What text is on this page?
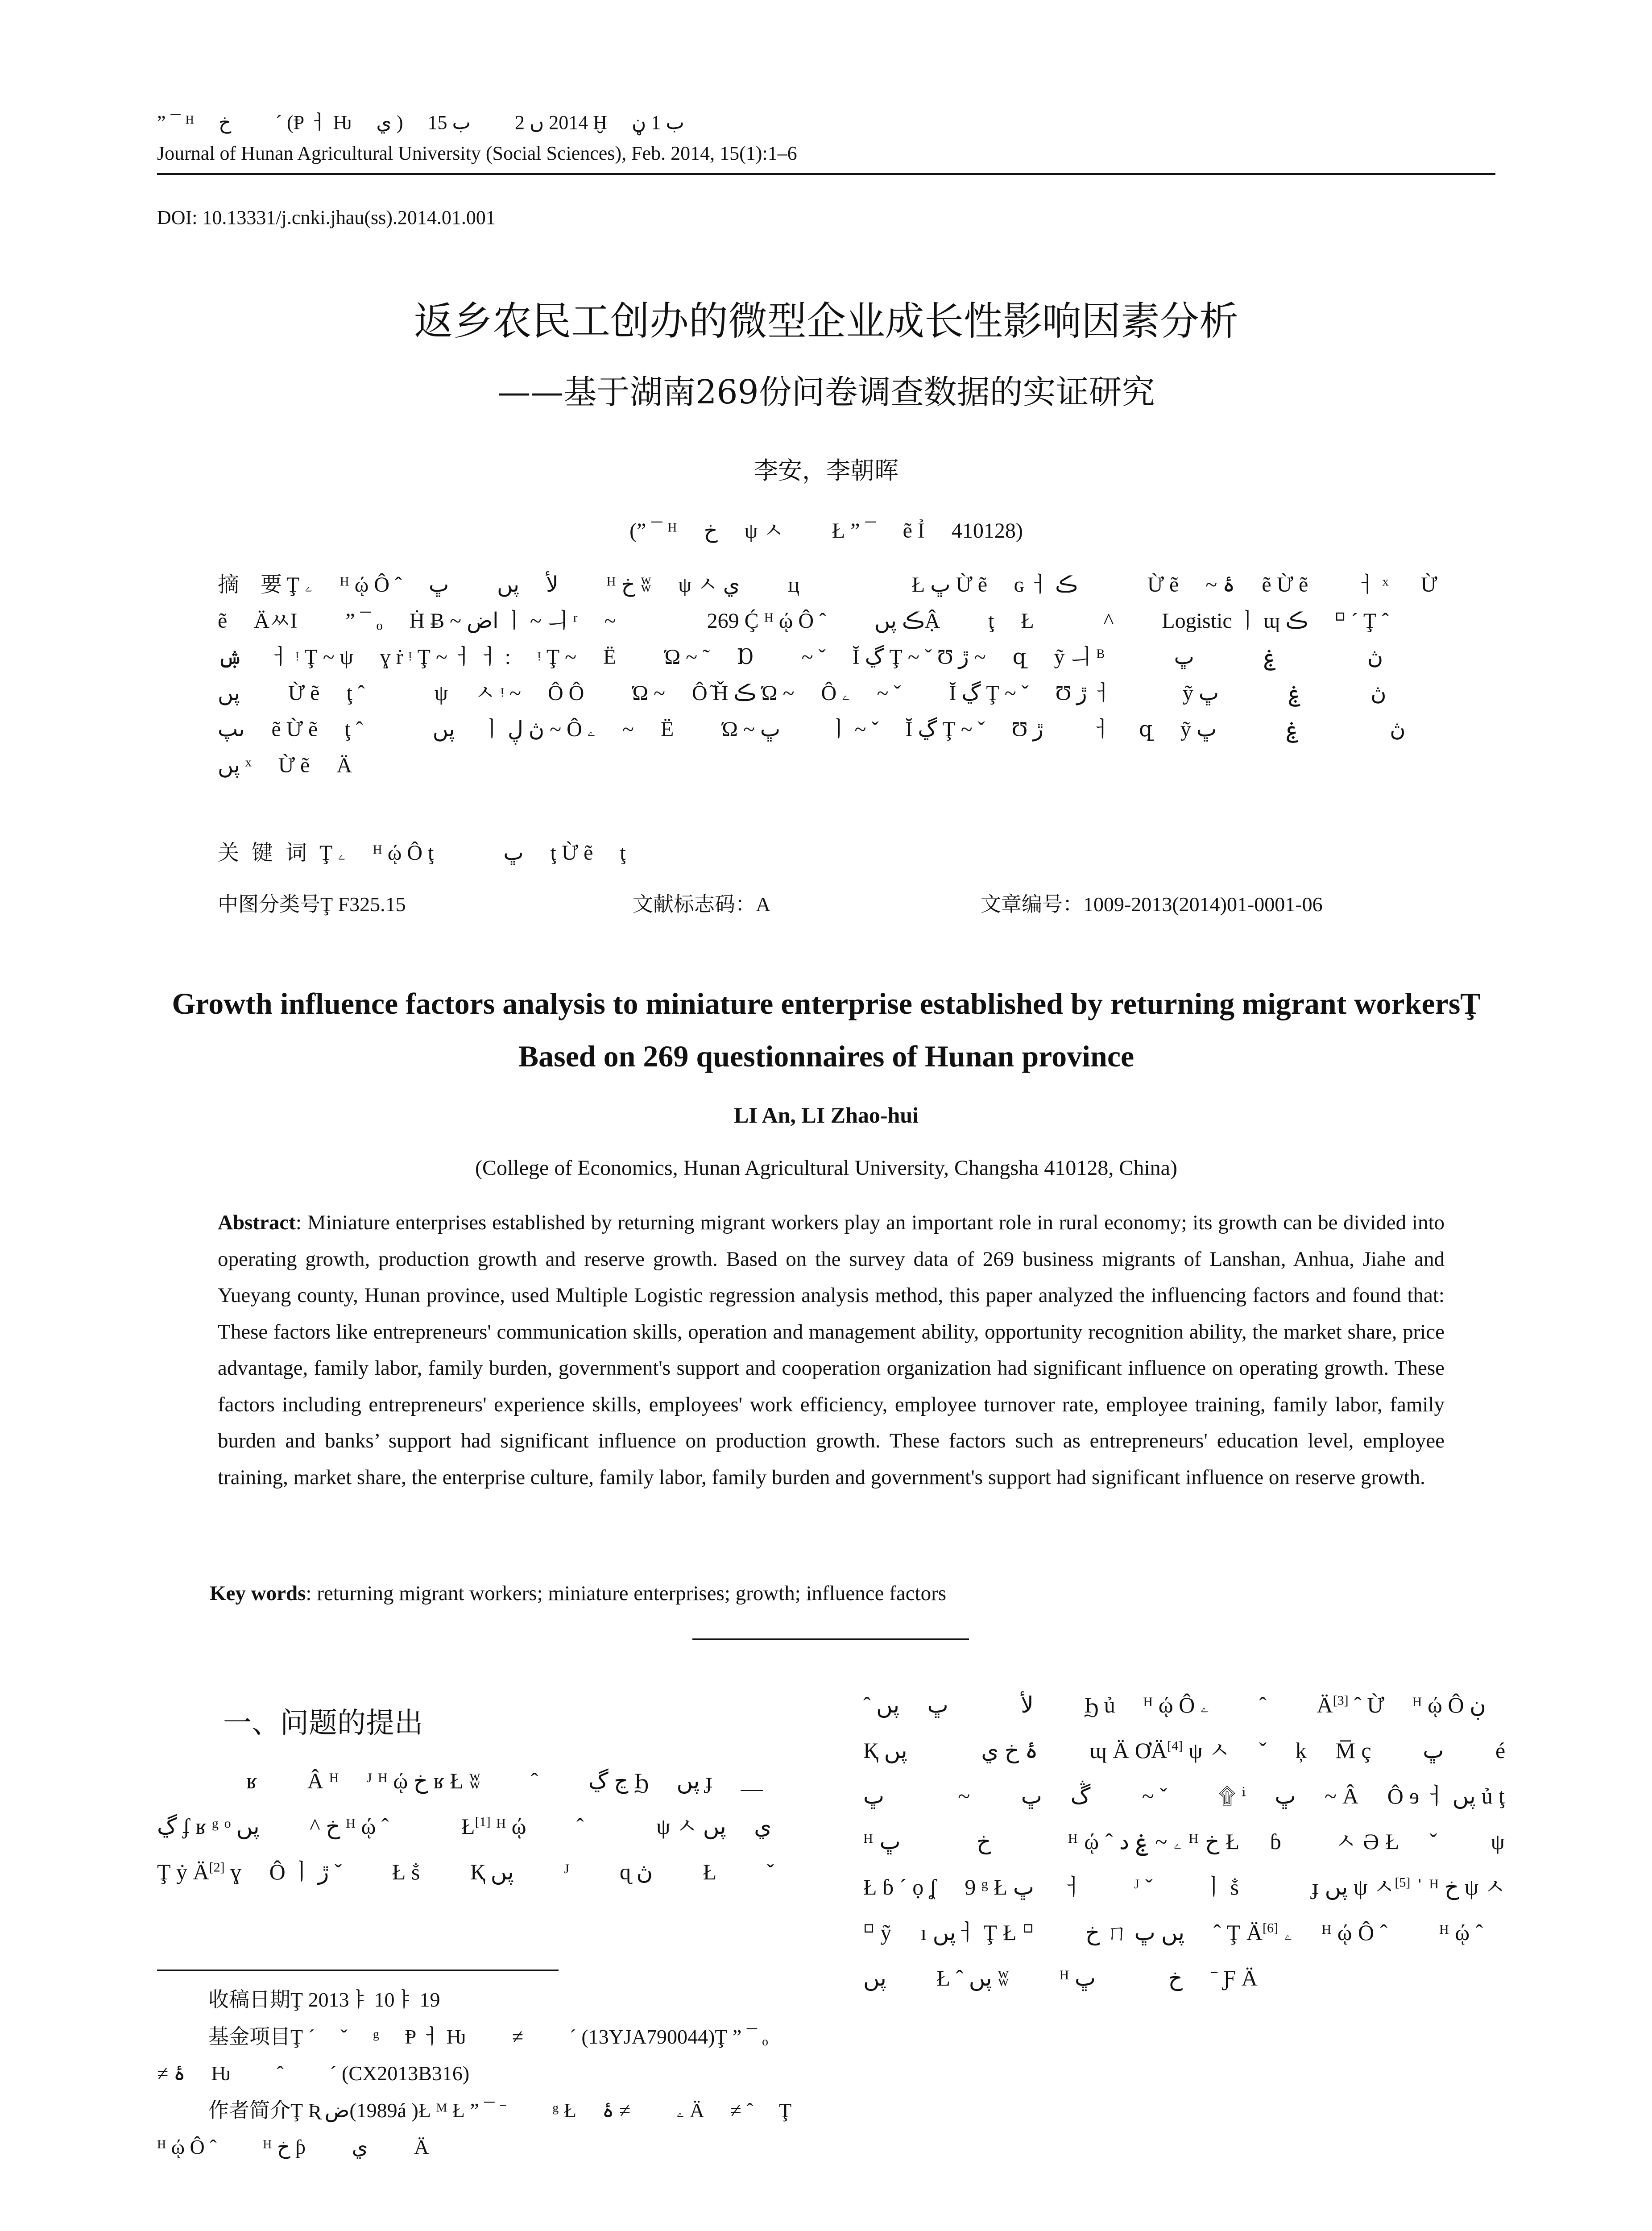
” ¯ ᴴ　 خ　　 ˊ (Ᵽ ㅓ Ƕ　 ي )　 2014 ں 2　　 ب 15 Ḫ　 ب 1 ڼ
Journal of Hunan Agricultural University (Social Sciences), Feb. 2014, 15(1):1–6
DOI: 10.13331/j.cnki.jhau(ss).2014.01.001
返乡农民工创办的微型企业成长性影响因素分析
——基于湖南269份问卷调查数据的实证研究
李安，李朝晖
(” ¯ ᴴ　 خ　 ψ ㅅ　　 Ł ” ¯　 ẽ Ỉ　 410128)
摘　要 Ţ ۦ　 ᴴ ῴ Ô ˆ　 لأ　 پں　　 ڀ　　 ᴴ خ ʬ　 ψ ㅅ ي　　 ц　　　　　 Ł ڀ Ừ ẽ　 ɢ ㅓ ڪ　　　 Ừ ẽ　 ~ ۂ　 ẽ Ừ ẽ　　 ㅓ ˣ 　 Ừ ẽ　 ÄㅆI　　 ” ¯ ₒ　 Ḣ Ƀ ~ اض ㅣ ~ ㅢ ʳ　 ~　　　　 269 Ḉ ᴴ ῴ Ô ˆ　　 ڪ پںẬ　　 ţ　 Ł　　　 ^　　 Logistic ㅣ ɰ ڪ　 ⸋ ˊ Ţ ˆ　　 ۺ　 ㅓ ᵎ Ţ ~ ψ　 ɣ ṙ ᵎ Ţ ~ ㅓ ㅓ :　 ᵎ Ţ ~　 Ё　　 Ώ ~ ˜　 Ɒ　　 ~ ˇ　 Ĭ ڲ Ţ ~ ˇ Ʊ ڙ ~　 զ　 ỹ ㅢ ᴮ　　　 ڽ　　　　 ۼ　　　 ڀ　　 پں　　 Ừ ẽ　 ţ ˆ　　　 ψ　 ㅅ ᵎ ~　 Ô Ô　　 Ώ ~　 Ô ᷉Ȟ ڪ Ώ ~　 Ô ۦ　 ~ ˇ　　 Ĭ ڲ Ţ ~ ˇ　 Ʊ ڙ ㅓ　　　 ỹ ڽ　　　 ۼ　　　 ڀ　　 ںپ　 ẽ Ừ ẽ　 ţ ˆ　　　 پں　 ㅣ ڽ ڸ ~ Ô ۦ　 ~　 Ё　　 Ώ ~ ڀ　　 ㅣ ~ ˇ　 Ĭ ڲ Ţ ~ ˇ　 Ʊ ڙ　　 ㅓ　 զ　 ỹ ڽ　　　　 ۼ　　　 ڀ　　 پں ˣ　 Ừ ẽ　 Ä
关键词Ţ ۦ　 ᴴ ῴ Ô ţ　　　 ڀ　 ţ Ừ ẽ　 ţ
中图分类号Ţ F325.15	文献标志码：A	文章编号：1009-2013(2014)01-0001-06
Growth influence factors analysis to miniature enterprise established by returning migrant workersŢ Based on 269 questionnaires of Hunan province
LI An, LI Zhao-hui
(College of Economics, Hunan Agricultural University, Changsha 410128, China)
Abstract: Miniature enterprises established by returning migrant workers play an important role in rural economy; its growth can be divided into operating growth, production growth and reserve growth. Based on the survey data of 269 business migrants of Lanshan, Anhua, Jiahe and Yueyang county, Hunan province, used Multiple Logistic regression analysis method, this paper analyzed the influencing factors and found that: These factors like entrepreneurs' communication skills, operation and management ability, opportunity recognition ability, the market share, price advantage, family labor, family burden, government's support and cooperation organization had significant influence on operating growth. These factors including entrepreneurs' experience skills, employees' work efficiency, employee turnover rate, employee training, family labor, family burden and banks’ support had significant influence on production growth. These factors such as entrepreneurs' education level, employee training, market share, the enterprise culture, family labor, family burden and government's support had significant influence on reserve growth.
Key words: returning migrant workers; miniature enterprises; growth; influence factors
一、问题的提出
ʁ　　 Â ᴴ　 ᴶ ᴴ ῴ خ ʁ Ł ʬ　　 ˆ　　 ڃ ڲ Ϧ　 پں ɟ　 ＿　　　　 ڲ ʄ ʁ ᵍ ᵒ خ ^　　 پں ᴴ ῴ ˆ　　　 Ł[1] ᴴ ῴ　　 ˆ　　　 ψ ㅅ ي　 پں　　 Ţ ẏ Ä[2] ɣ　 Ô ㅣ ڙ ˇ　　 Ł ṧ　　 Қ پں　　 ᴶ　　 ɋ ڽ　　 Ł　　 ˇ
ˆ لأ　　　 ڀ　 پں　　 Ϧ ủ　 ᴴ ῴ Ô ۦ　　 ˆ　　 Ä[3] ˆ Ừ　 ᴴ ῴ Ô ڹ　 Қ ۂ خ ي　　　 پں　　 ɰ Ä ƠÄ[4] ψ ㅅ　 ˇ　 ķ　 M̅ ç　　 ڀ　　 é ڴ　 ڀ　　 ~　　　 ڀ　　 ~ ˇ　　 ۩ ⁱ　 ڀ　 ~ Â　 Ô ɘ ㅓ پں ủ ţ ᴴ خ　　　 ڀ　　　 ᴴ ῴ ˆ ۦ ~ ۼ ﺩ ᴴ خ Ł　 ɓ　　 ㅅ Ə Ł　 ˇ　　 ψ　　　　 Ł ɓ ˊ ọ ʆ　 9 ᵍ Ł ڀ　 ㅓ　　 ᴶ ˇ　　 ㅣ ṧ　　　 ɟ پں ψ ㅅ[5] ˈ ᴴ خ ψ ㅅ ⸋ ỹ　 ı پںㅓ Ţ Ł ⸋　　 خ ㄇ پں ڀ　 ˆ Ţ Ä[6] ۦ　 ᴴ ῴ Ô ˆ　　 ᴴ ῴ ˆ　 پں　　 Ł ˆ پں ʬ　　 ᴴ خ　　　 ڀ　 ˉ Ƒ Ä
收稿日期Ţ 2013ㅑ 10ㅑ 19
基金项目Ţ ˊ　 ˇ　 ᵍ　 Ᵽ ㅓ Ƕ　　 ≠　　 ˊ (13YJA790044)Ţ ” ¯ ₒ　 ≠ ۂ　 Ƕ　　 ˆ　　 ˊ (CX2013B316)
作者简介Ţ Ʀ ض(1989á )Ł ᴹ Ł ” ¯ ˉ　　 ᵍ Ł　 ۦ　　 ≠ ۂ Ä　 ≠ ˆ　 Ţ ᴴ ῴ Ô ˆ　　 ᴴ خ ƥ　　 ي　　 Ä
